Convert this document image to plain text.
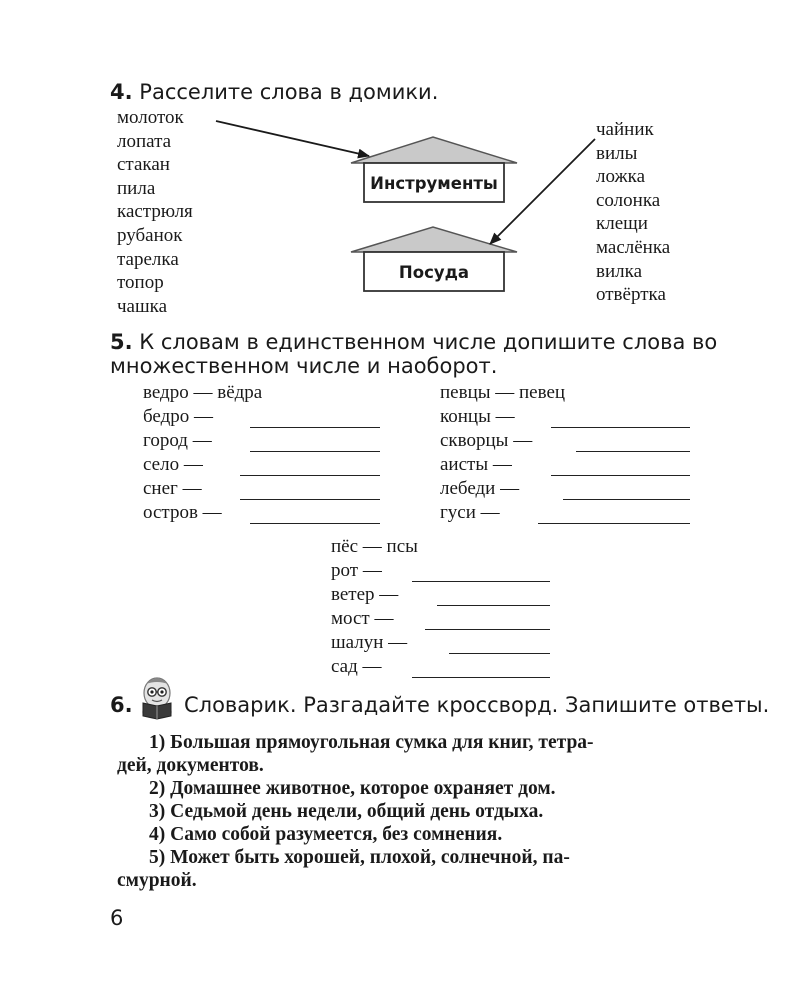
4. Расселите слова в домики.
молоток
лопата
стакан
пила
кастрюля
рубанок
тарелка
топор
чашка
чайник
вилы
ложка
солонка
клещи
маслёнка
вилка
отвёртка
Инструменты
Посуда
5. К словам в единственном числе допишите слова во
множественном числе и наоборот.
ведро — вёдра
бедро —
город —
село —
снег —
остров —
певцы — певец
концы —
скворцы —
аисты —
лебеди —
гуси —
пёс — псы
рот —
ветер —
мост —
шалун —
сад —
6. Словарик. Разгадайте кроссворд. Запишите ответы.

1) Большая прямоугольная сумка для книг, тетра-

дей, документов.

2) Домашнее животное, которое охраняет дом.

3) Седьмой день недели, общий день отдыха.

4) Само собой разумеется, без сомнения.

5) Может быть хорошей, плохой, солнечной, па-

смурной.

6
